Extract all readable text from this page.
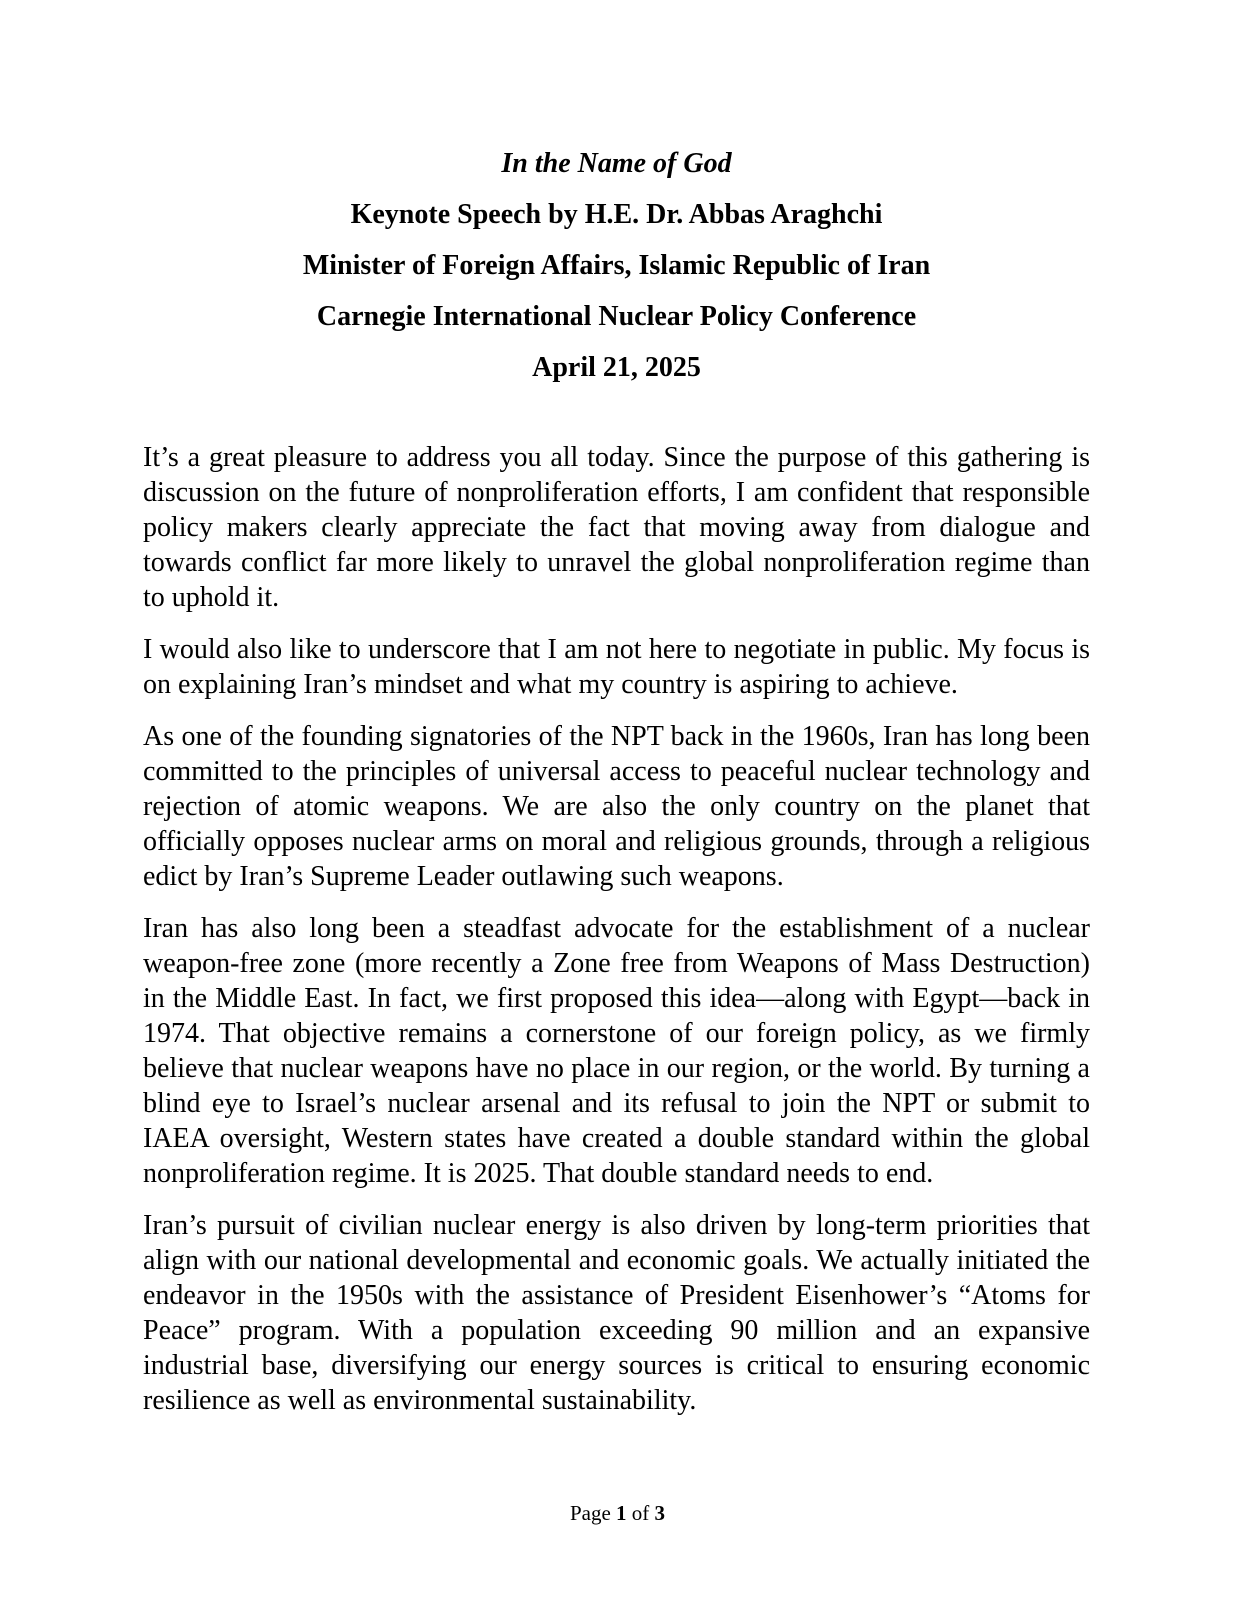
In the Name of God

Keynote Speech by H.E. Dr. Abbas Araghchi

Minister of Foreign Affairs, Islamic Republic of Iran

Carnegie International Nuclear Policy Conference

April 21, 2025

It’s a great pleasure to address you all today. Since the purpose of this gathering is discussion on the future of nonproliferation efforts, I am confident that responsible policy makers clearly appreciate the fact that moving away from dialogue and towards conflict far more likely to unravel the global nonproliferation regime than to uphold it.

I would also like to underscore that I am not here to negotiate in public. My focus is on explaining Iran’s mindset and what my country is aspiring to achieve.

As one of the founding signatories of the NPT back in the 1960s, Iran has long been committed to the principles of universal access to peaceful nuclear technology and rejection of atomic weapons. We are also the only country on the planet that officially opposes nuclear arms on moral and religious grounds, through a religious edict by Iran’s Supreme Leader outlawing such weapons.

Iran has also long been a steadfast advocate for the establishment of a nuclear weapon-free zone (more recently a Zone free from Weapons of Mass Destruction) in the Middle East. In fact, we first proposed this idea—along with Egypt—back in 1974. That objective remains a cornerstone of our foreign policy, as we firmly believe that nuclear weapons have no place in our region, or the world. By turning a blind eye to Israel’s nuclear arsenal and its refusal to join the NPT or submit to IAEA oversight, Western states have created a double standard within the global nonproliferation regime. It is 2025. That double standard needs to end.

Iran’s pursuit of civilian nuclear energy is also driven by long-term priorities that align with our national developmental and economic goals. We actually initiated the endeavor in the 1950s with the assistance of President Eisenhower’s “Atoms for Peace” program. With a population exceeding 90 million and an expansive industrial base, diversifying our energy sources is critical to ensuring economic resilience as well as environmental sustainability.

Page 1 of 3
